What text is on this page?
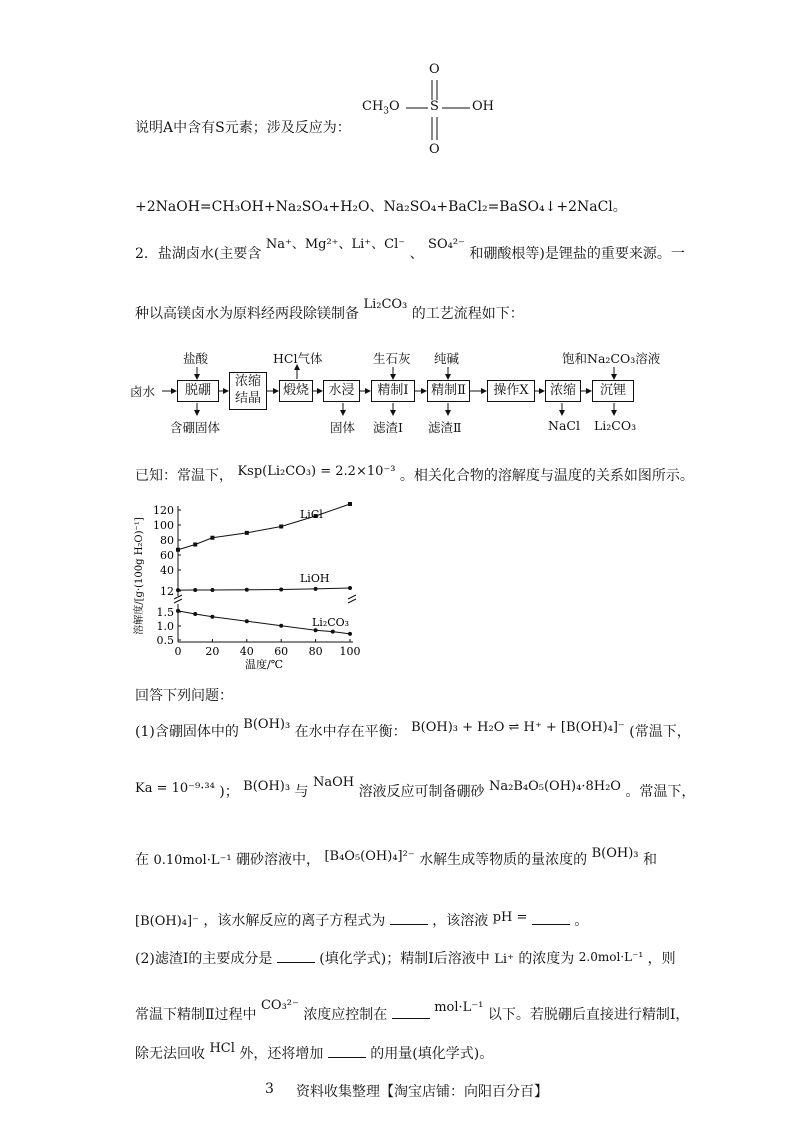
说明A中含有S元素；涉及反应为：
$CH_3O$
O
S
O
OH
+2NaOH=CH₃OH+Na₂SO₄+H₂O、Na₂SO₄+BaCl₂=BaSO₄↓+2NaCl。
2．盐湖卤水(主要含 Na⁺、Mg²⁺、Li⁺、Cl⁻ 、 SO₄²⁻ 和硼酸根等)是锂盐的重要来源。一
种以高镁卤水为原料经两段除镁制备 Li₂CO₃ 的工艺流程如下：
卤水	脱硼
浓缩结晶
煅烧	水浸	精制Ⅰ	精制Ⅱ	操作X	浓缩	沉锂
盐酸	HCl气体	生石灰 纯碱	饱和Na₂CO₃溶液
含硼固体	固体 滤渣Ⅰ 滤渣Ⅱ	NaCl Li₂CO₃
已知：常温下， Ksp(Li₂CO₃) = 2.2×10⁻³ 。相关化合物的溶解度与温度的关系如图所示。
120
100
80
60
40
12
1.5
1.0
0.5
0 20 40 60 80 100
温度/℃
溶解度/[g·(100g H₂O)⁻¹]
LiCl
LiOH
Li₂CO₃
回答下列问题：
(1)含硼固体中的 B(OH)₃ 在水中存在平衡： B(OH)₃ + H₂O ⇌ H⁺ + [B(OH)₄]⁻ (常温下，
Ka = 10⁻⁹·³⁴ )； B(OH)₃ 与 NaOH 溶液反应可制备硼砂 Na₂B₄O₅(OH)₄·8H₂O 。常温下，
在 0.10mol·L⁻¹ 硼砂溶液中， [B₄O₅(OH)₄]²⁻ 水解生成等物质的量浓度的 B(OH)₃ 和
[B(OH)₄]⁻ ，该水解反应的离子方程式为	，该溶液 pH =	。
(2)滤渣Ⅰ的主要成分是	(填化学式)；精制Ⅰ后溶液中 Li⁺ 的浓度为 2.0mol·L⁻¹ ，则
常温下精制Ⅱ过程中 CO₃²⁻ 浓度应控制在	mol·L⁻¹ 以下。若脱硼后直接进行精制Ⅰ，
除无法回收 HCl 外，还将增加	的用量(填化学式)。
3 资料收集整理【淘宝店铺：向阳百分百】
